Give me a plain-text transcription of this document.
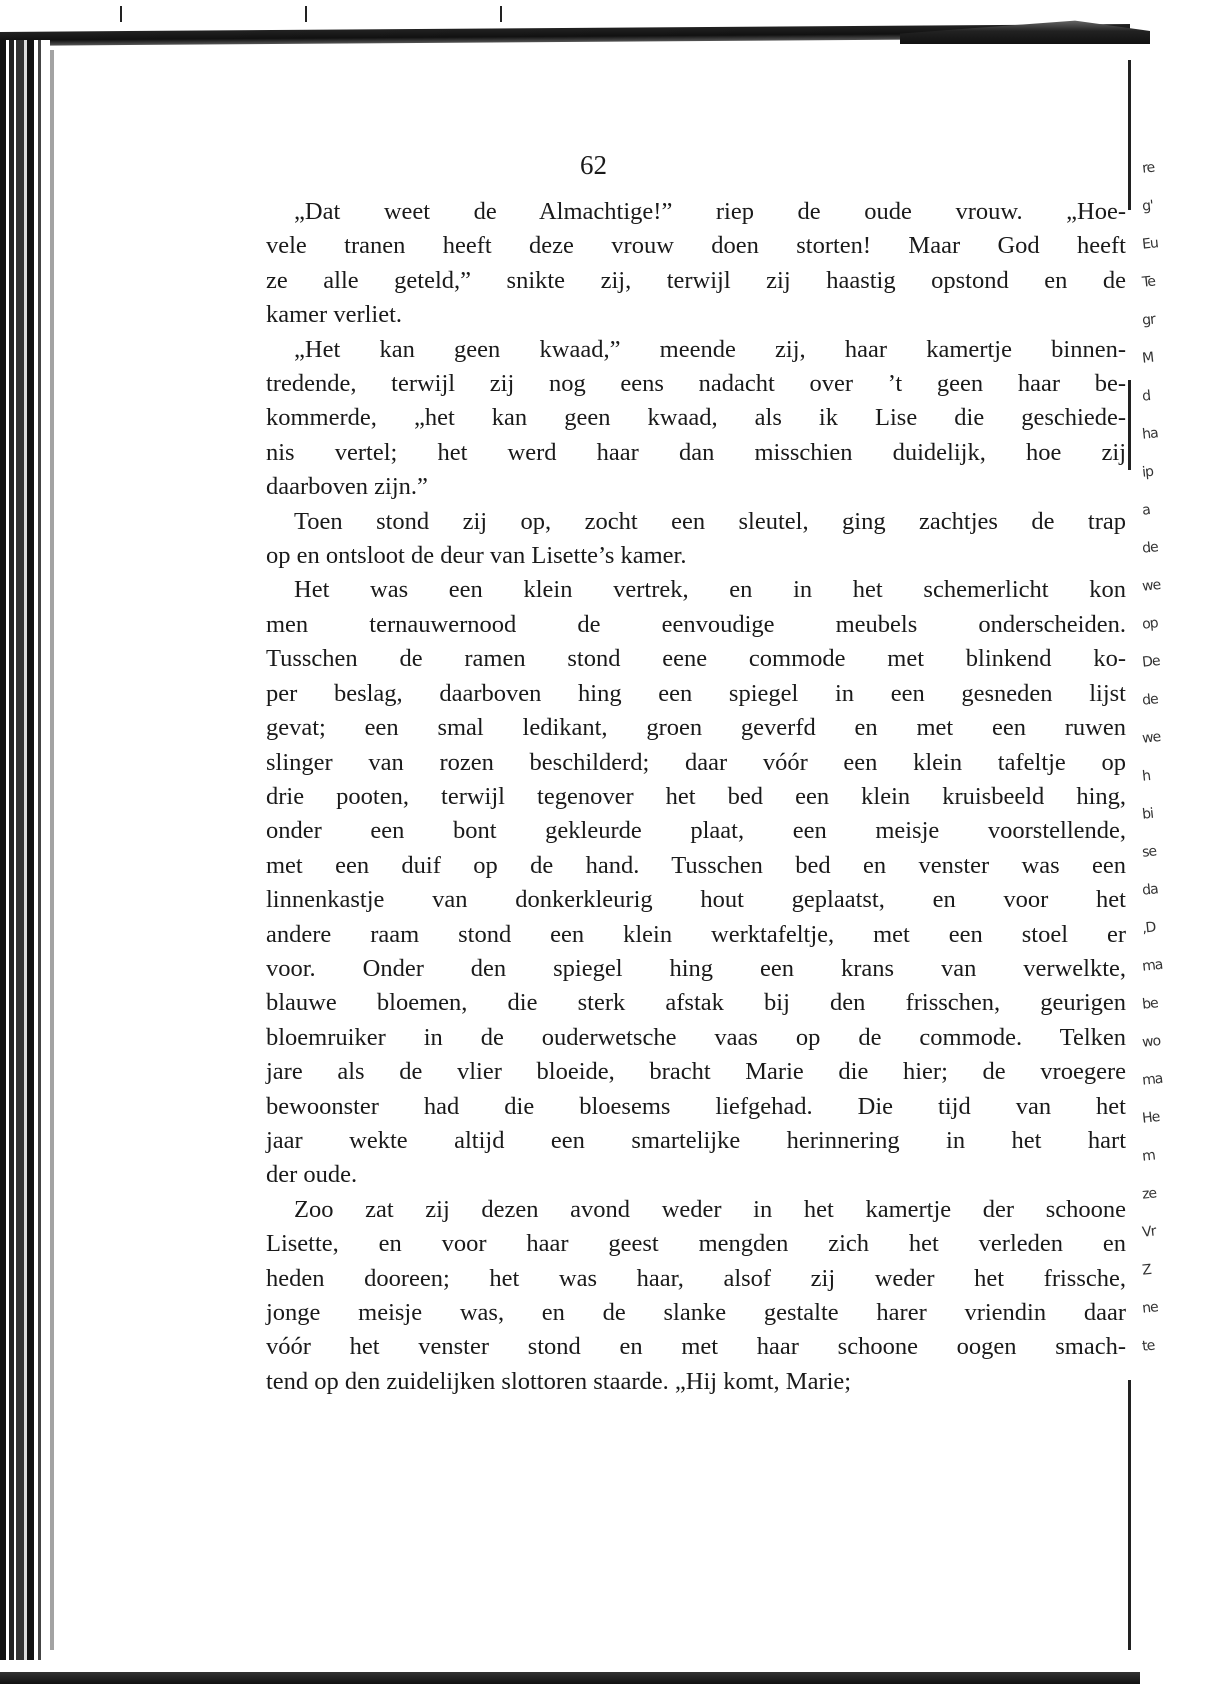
re
g'
Eu
Te
gr
M
d
ha
ip
a
de
we
op
De
de
we
h
bi
se
da
,D
ma
be
wo
ma
He
m
ze
Vr
Z
ne
te
62

„Dat weet de Almachtige!” riep de oude vrouw. „Hoe-
vele tranen heeft deze vrouw doen storten! Maar God heeft
ze alle geteld,” snikte zij, terwijl zij haastig opstond en de
kamer verliet.

„Het kan geen kwaad,” meende zij, haar kamertje binnen-
tredende, terwijl zij nog eens nadacht over ’t geen haar be-
kommerde, „het kan geen kwaad, als ik Lise die geschiede-
nis vertel; het werd haar dan misschien duidelijk, hoe zij
daarboven zijn.”

Toen stond zij op, zocht een sleutel, ging zachtjes de trap
op en ontsloot de deur van Lisette’s kamer.

Het was een klein vertrek, en in het schemerlicht kon
men ternauwernood de eenvoudige meubels onderscheiden.
Tusschen de ramen stond eene commode met blinkend ko-
per beslag, daarboven hing een spiegel in een gesneden lijst
gevat; een smal ledikant, groen geverfd en met een ruwen
slinger van rozen beschilderd; daar vóór een klein tafeltje op
drie pooten, terwijl tegenover het bed een klein kruisbeeld hing,
onder een bont gekleurde plaat, een meisje voorstellende,
met een duif op de hand. Tusschen bed en venster was een
linnenkastje van donkerkleurig hout geplaatst, en voor het
andere raam stond een klein werktafeltje, met een stoel er
voor. Onder den spiegel hing een krans van verwelkte,
blauwe bloemen, die sterk afstak bij den frisschen, geurigen
bloemruiker in de ouderwetsche vaas op de commode. Telken
jare als de vlier bloeide, bracht Marie die hier; de vroegere
bewoonster had die bloesems liefgehad. Die tijd van het
jaar wekte altijd een smartelijke herinnering in het hart
der oude.

Zoo zat zij dezen avond weder in het kamertje der schoone
Lisette, en voor haar geest mengden zich het verleden en
heden dooreen; het was haar, alsof zij weder het frissche,
jonge meisje was, en de slanke gestalte harer vriendin daar
vóór het venster stond en met haar schoone oogen smach-
tend op den zuidelijken slottoren staarde. „Hij komt, Marie;
